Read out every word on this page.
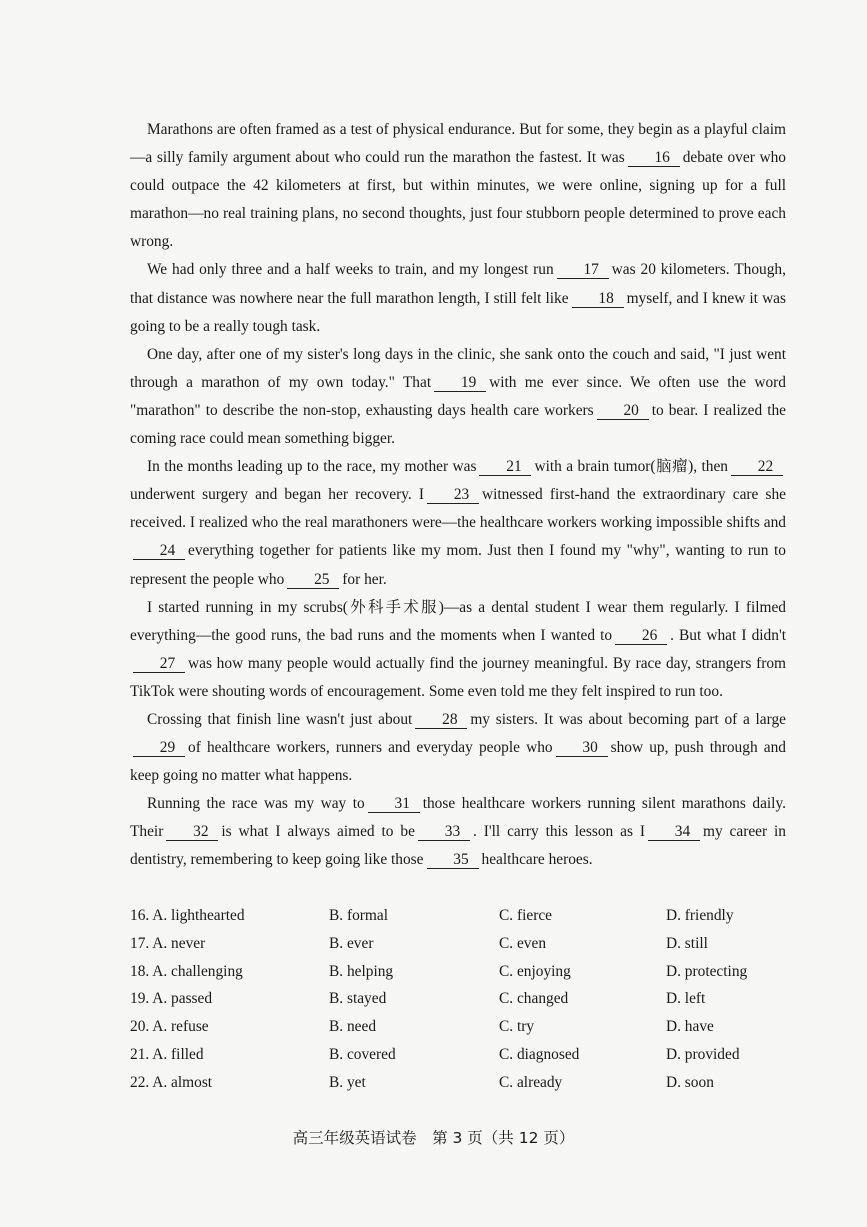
Marathons are often framed as a test of physical endurance. But for some, they begin as a playful claim—a silly family argument about who could run the marathon the fastest. It was 16 debate over who could outpace the 42 kilometers at first, but within minutes, we were online, signing up for a full marathon—no real training plans, no second thoughts, just four stubborn people determined to prove each wrong.

We had only three and a half weeks to train, and my longest run 17 was 20 kilometers. Though, that distance was nowhere near the full marathon length, I still felt like 18 myself, and I knew it was going to be a really tough task.

One day, after one of my sister's long days in the clinic, she sank onto the couch and said, "I just went through a marathon of my own today." That 19 with me ever since. We often use the word "marathon" to describe the non-stop, exhausting days health care workers 20 to bear. I realized the coming race could mean something bigger.

In the months leading up to the race, my mother was 21 with a brain tumor(脑瘤), then 22underwent surgery and began her recovery. I 23 witnessed first-hand the extraordinary care she received. I realized who the real marathoners were—the healthcare workers working impossible shifts and24 everything together for patients like my mom. Just then I found my "why", wanting to run to represent the people who 25 for her.

I started running in my scrubs(外科手术服)—as a dental student I wear them regularly. I filmed everything—the good runs, the bad runs and the moments when I wanted to 26 . But what I didn't27 was how many people would actually find the journey meaningful. By race day, strangers from TikTok were shouting words of encouragement. Some even told me they felt inspired to run too.

Crossing that finish line wasn't just about 28 my sisters. It was about becoming part of a large29 of healthcare workers, runners and everyday people who 30 show up, push through and keep going no matter what happens.

Running the race was my way to 31 those healthcare workers running silent marathons daily. Their 32 is what I always aimed to be 33 . I'll carry this lesson as I 34 my career in dentistry, remembering to keep going like those 35 healthcare heroes.

16. A. lighthearted	B. formal	C. fierce	D. friendly
17. A. never	B. ever	C. even	D. still
18. A. challenging	B. helping	C. enjoying	D. protecting
19. A. passed	B. stayed	C. changed	D. left
20. A. refuse	B. need	C. try	D. have
21. A. filled	B. covered	C. diagnosed	D. provided
22. A. almost	B. yet	C. already	D. soon
高三年级英语试卷　第 3 页（共 12 页）
